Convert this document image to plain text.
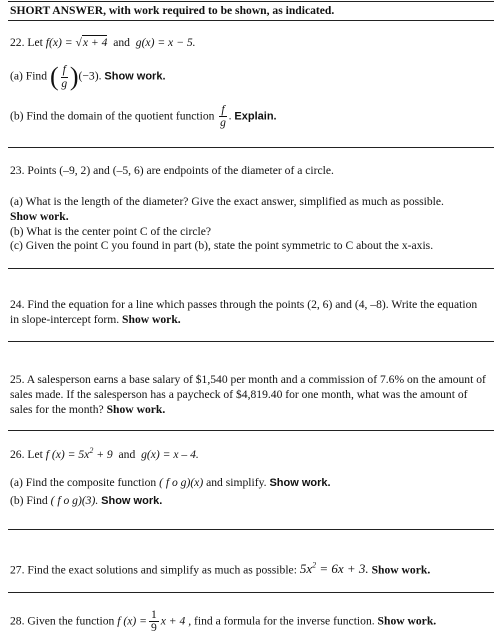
SHORT ANSWER, with work required to be shown, as indicated.
22. Let f(x) = √x + 4 and g(x) = x − 5.
(a) Find ( $\frac{f}{g} )(-3)$. Show work.
(b) Find the domain of the quotient function $\frac{f}{g}$ . Explain.
23. Points (–9, 2) and (–5, 6) are endpoints of the diameter of a circle.
(a) What is the length of the diameter? Give the exact answer, simplified as much as possible.
Show work.
(b) What is the center point C of the circle?
(c) Given the point C you found in part (b), state the point symmetric to C about the x-axis.
24. Find the equation for a line which passes through the points (2, 6) and (4, –8). Write the equation in slope-intercept form. Show work.
25. A salesperson earns a base salary of $1,540 per month and a commission of 7.6% on the amount of sales made. If the salesperson has a paycheck of $4,819.40 for one month, what was the amount of sales for the month? Show work.
26. Let f $(x) = 5x^2 + 9$ and g(x) = x – 4.
(a) Find the composite function ( f o g)(x) and simplify. Show work.
(b) Find ( f o g)(3). Show work.
27. Find the exact solutions and simplify as much as possible: $5x^2 = 6x + 3$. Show work.
28. Given the function f $(x) = \frac{1}{9}$ x + 4 , find a formula for the inverse function. Show work.
